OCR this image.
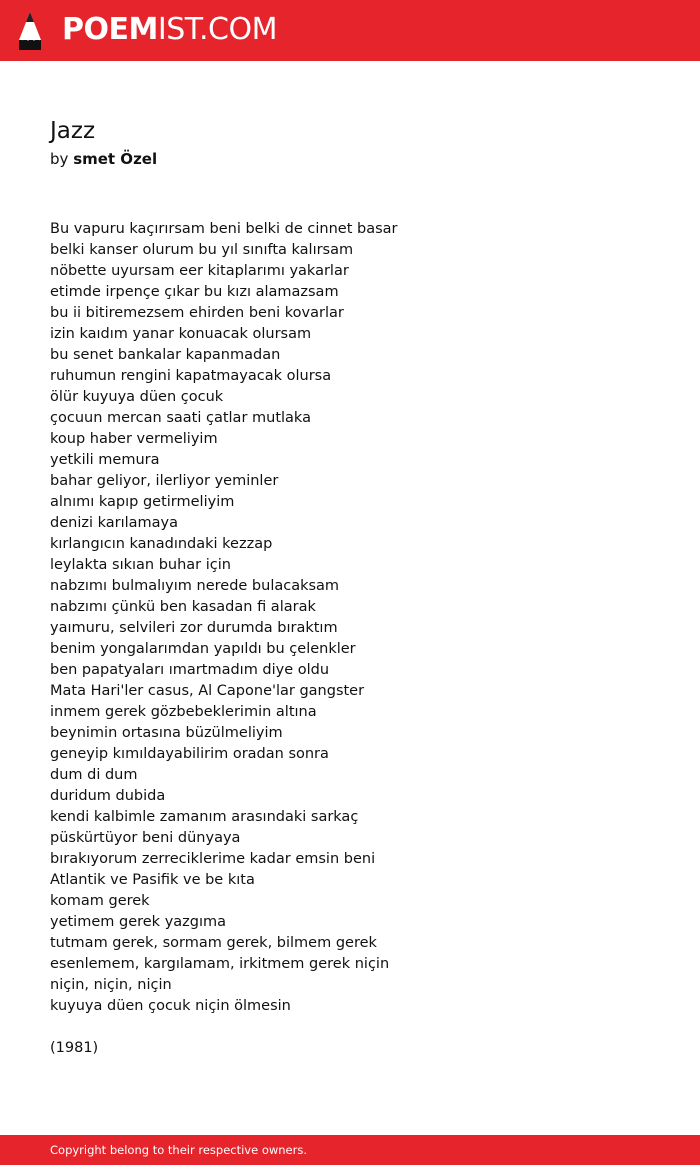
POEMIST.COM
Jazz
by smet Özel
Bu vapuru kaçırırsam beni belki de cinnet basar
belki kanser olurum bu yıl sınıfta kalırsam
nöbette uyursam eer kitaplarımı yakarlar
etimde irpençe çıkar bu kızı alamazsam
bu ii bitiremezsem ehirden beni kovarlar
izin kaıdım yanar konuacak olursam
bu senet bankalar kapanmadan
ruhumun rengini kapatmayacak olursa
ölür kuyuya düen çocuk
çocuun mercan saati çatlar mutlaka
koup haber vermeliyim
yetkili memura
bahar geliyor, ilerliyor yeminler
alnımı kapıp getirmeliyim
denizi karılamaya
kırlangıcın kanadındaki kezzap
leylakta sıkıan buhar için
nabzımı bulmalıyım nerede bulacaksam
nabzımı çünkü ben kasadan fi alarak
yaımuru, selvileri zor durumda bıraktım
benim yongalarımdan yapıldı bu çelenkler
ben papatyaları ımartmadım diye oldu
Mata Hari'ler casus, Al Capone'lar gangster
inmem gerek gözbebeklerimin altına
beynimin ortasına büzülmeliyim
geneyip kımıldayabilirim oradan sonra
dum di dum
duridum dubida
kendi kalbimle zamanım arasındaki sarkaç
püskürtüyor beni dünyaya
bırakıyorum zerreciklerime kadar emsin beni
Atlantik ve Pasifik ve be kıta
komam gerek
yetimem gerek yazgıma
tutmam gerek, sormam gerek, bilmem gerek
esenlemem, kargılamam, irkitmem gerek niçin
niçin, niçin, niçin
kuyuya düen çocuk niçin ölmesin
(1981)
Copyright belong to their respective owners.
